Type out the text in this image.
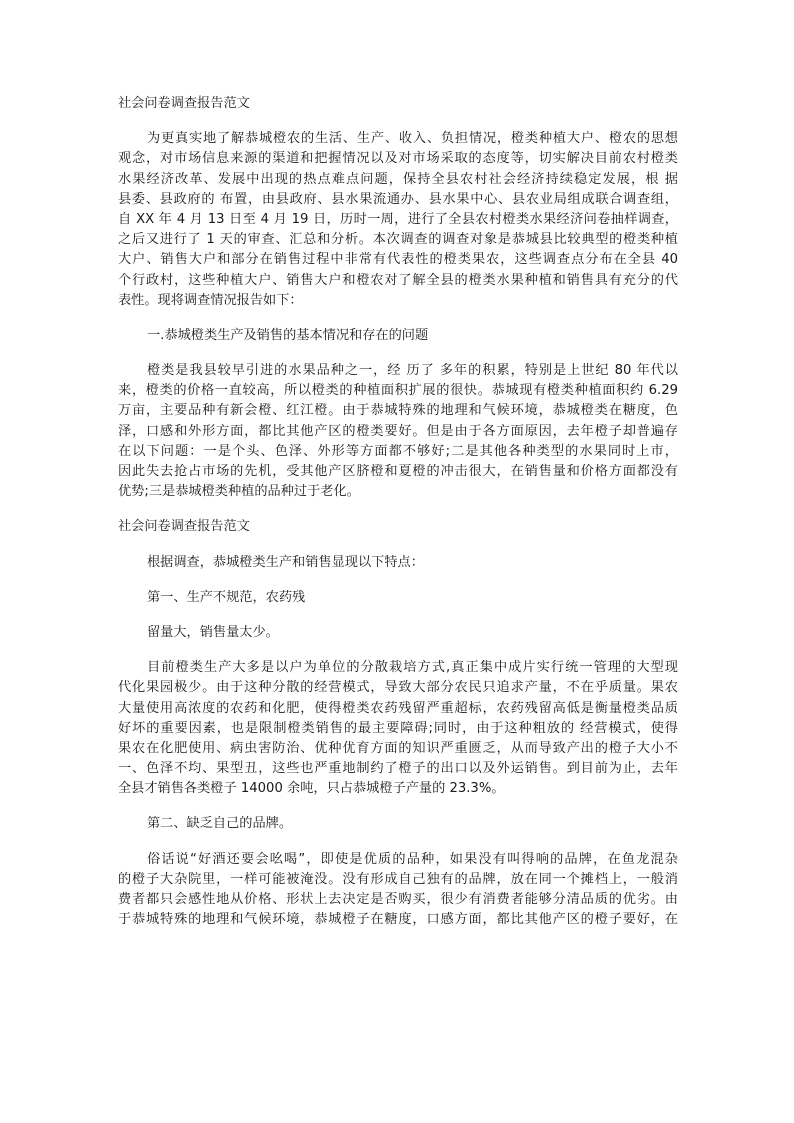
社会问卷调查报告范文

为更真实地了解恭城橙农的生活、生产、收入、负担情况，橙类种植大户、橙农的思想

观念，对市场信息来源的渠道和把握情况以及对市场采取的态度等，切实解决目前农村橙类

水果经济改革、发展中出现的热点难点问题，保持全县农村社会经济持续稳定发展，根 据

县委、县政府的 布置，由县政府、县水果流通办、县水果中心、县农业局组成联合调查组，

自 XX 年 4 月 13 日至 4 月 19 日，历时一周，进行了全县农村橙类水果经济问卷抽样调查，

之后又进行了 1 天的审查、汇总和分析。本次调查的调查对象是恭城县比较典型的橙类种植

大户、销售大户和部分在销售过程中非常有代表性的橙类果农，这些调查点分布在全县 40

个行政村，这些种植大户、销售大户和橙农对了解全县的橙类水果种植和销售具有充分的代

表性。现将调查情况报告如下：

一.恭城橙类生产及销售的基本情况和存在的问题

橙类是我县较早引进的水果品种之一，经 历了 多年的积累，特别是上世纪 80 年代以

来，橙类的价格一直较高，所以橙类的种植面积扩展的很快。恭城现有橙类种植面积约 6.29

万亩，主要品种有新会橙、红江橙。由于恭城特殊的地理和气候环境，恭城橙类在糖度，色

泽，口感和外形方面，都比其他产区的橙类要好。但是由于各方面原因，去年橙子却普遍存

在以下问题：一是个头、色泽、外形等方面都不够好;二是其他各种类型的水果同时上市，

因此失去抢占市场的先机，受其他产区脐橙和夏橙的冲击很大，在销售量和价格方面都没有

优势;三是恭城橙类种植的品种过于老化。

社会问卷调查报告范文

根据调查，恭城橙类生产和销售显现以下特点：

第一、生产不规范，农药残

留量大，销售量太少。

目前橙类生产大多是以户为单位的分散栽培方式,真正集中成片实行统一管理的大型现

代化果园极少。由于这种分散的经营模式，导致大部分农民只追求产量，不在乎质量。果农

大量使用高浓度的农药和化肥，使得橙类农药残留严重超标，农药残留高低是衡量橙类品质

好坏的重要因素，也是限制橙类销售的最主要障碍;同时，由于这种粗放的 经营模式，使得

果农在化肥使用、病虫害防治、优种优育方面的知识严重匮乏，从而导致产出的橙子大小不

一、色泽不均、果型丑，这些也严重地制约了橙子的出口以及外运销售。到目前为止，去年

全县才销售各类橙子 14000 余吨，只占恭城橙子产量的 23.3%。

第二、缺乏自己的品牌。

俗话说“好酒还要会吆喝”，即使是优质的品种，如果没有叫得响的品牌，在鱼龙混杂

的橙子大杂院里，一样可能被淹没。没有形成自己独有的品牌，放在同一个摊档上，一般消

费者都只会感性地从价格、形状上去决定是否购买，很少有消费者能够分清品质的优劣。由

于恭城特殊的地理和气候环境，恭城橙子在糖度，口感方面，都比其他产区的橙子要好，在
